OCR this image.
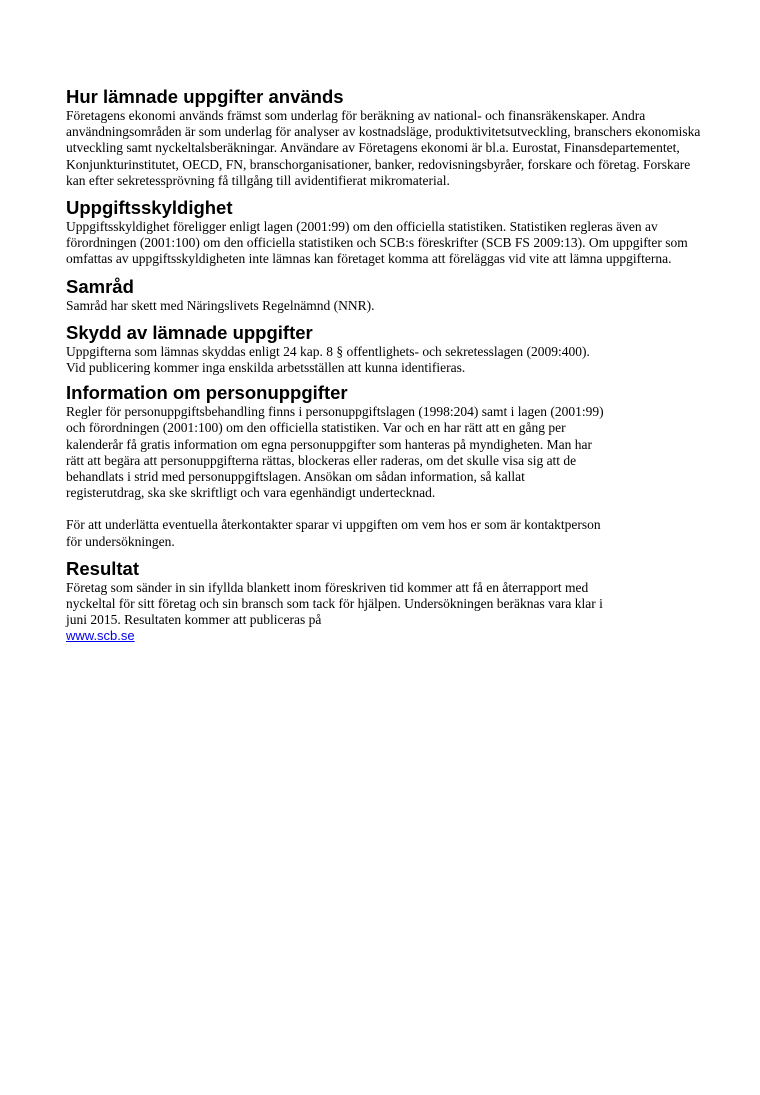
Hur lämnade uppgifter används

Företagens ekonomi används främst som underlag för beräkning av national- och finansräkenskaper. Andra användningsområden är som underlag för analyser av kostnadsläge, produktivitetsutveckling, branschers ekonomiska utveckling samt nyckeltalsberäkningar. Användare av Företagens ekonomi är bl.a. Eurostat, Finansdepartementet, Konjunkturinstitutet, OECD, FN, branschorganisationer, banker, redovisningsbyråer, forskare och företag. Forskare kan efter sekretessprövning få tillgång till avidentifierat mikromaterial.

Uppgiftsskyldighet

Uppgiftsskyldighet föreligger enligt lagen (2001:99) om den officiella statistiken. Statistiken regleras även av förordningen (2001:100) om den officiella statistiken och SCB:s föreskrifter (SCB FS 2009:13). Om uppgifter som omfattas av uppgiftsskyldigheten inte lämnas kan företaget komma att föreläggas vid vite att lämna uppgifterna.

Samråd

Samråd har skett med Näringslivets Regelnämnd (NNR).

Skydd av lämnade uppgifter

Uppgifterna som lämnas skyddas enligt 24 kap. 8 § offentlighets- och sekretesslagen (2009:400). Vid publicering kommer inga enskilda arbetsställen att kunna identifieras.

Information om personuppgifter

Regler för personuppgiftsbehandling finns i personuppgiftslagen (1998:204) samt i lagen (2001:99) och förordningen (2001:100) om den officiella statistiken. Var och en har rätt att en gång per kalenderår få gratis information om egna personuppgifter som hanteras på myndigheten. Man har rätt att begära att personuppgifterna rättas, blockeras eller raderas, om det skulle visa sig att de behandlats i strid med personuppgiftslagen. Ansökan om sådan information, så kallat registerutdrag, ska ske skriftligt och vara egenhändigt undertecknad.

För att underlätta eventuella återkontakter sparar vi uppgiften om vem hos er som är kontaktperson för undersökningen.

Resultat

Företag som sänder in sin ifyllda blankett inom föreskriven tid kommer att få en återrapport med nyckeltal för sitt företag och sin bransch som tack för hjälpen. Undersökningen beräknas vara klar i juni 2015. Resultaten kommer att publiceras på
www.scb.se
